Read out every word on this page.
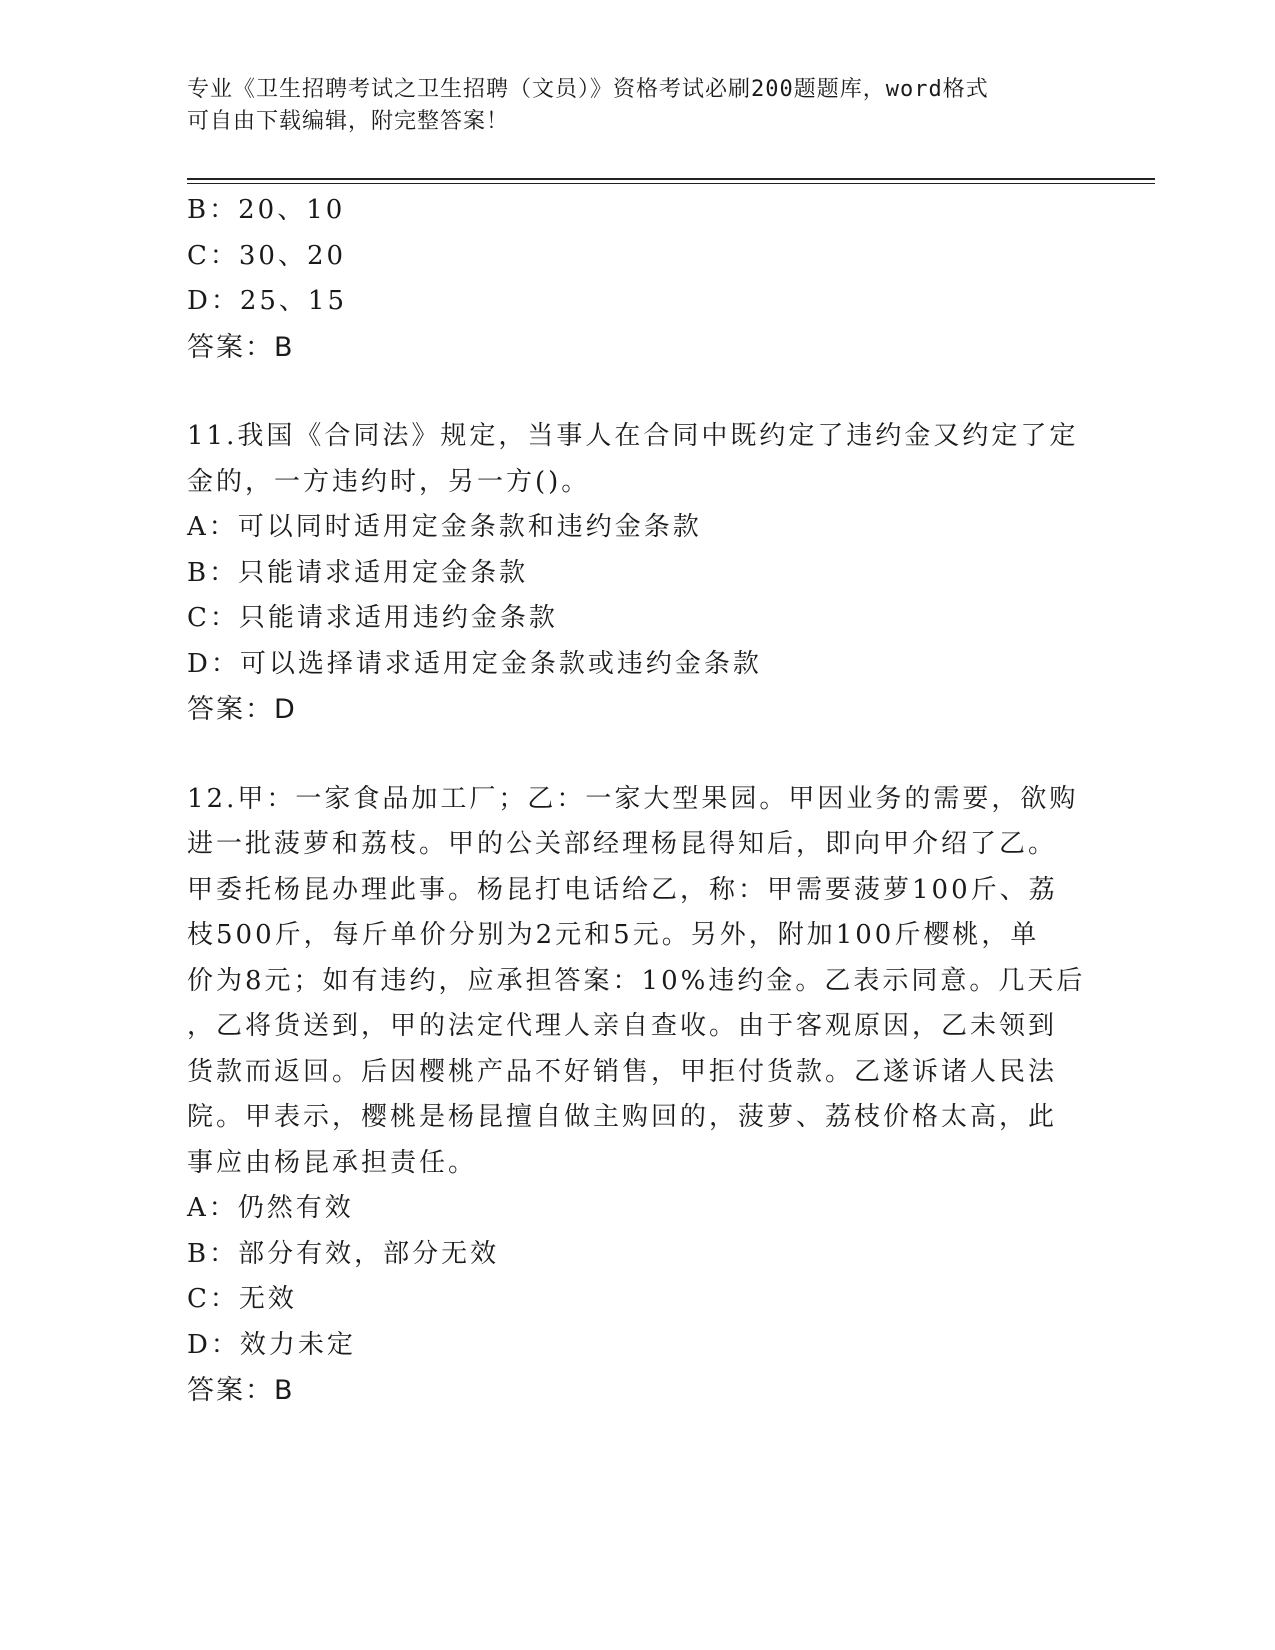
专业《卫生招聘考试之卫生招聘（文员）》资格考试必刷200题题库，word格式
可自由下载编辑，附完整答案！
B：20、10
C：30、20
D：25、15
答案：B
11.我国《合同法》规定，当事人在合同中既约定了违约金又约定了定
金的，一方违约时，另一方()。
A：可以同时适用定金条款和违约金条款
B：只能请求适用定金条款
C：只能请求适用违约金条款
D：可以选择请求适用定金条款或违约金条款
答案：D
12.甲：一家食品加工厂；乙：一家大型果园。甲因业务的需要，欲购
进一批菠萝和荔枝。甲的公关部经理杨昆得知后，即向甲介绍了乙。
甲委托杨昆办理此事。杨昆打电话给乙，称：甲需要菠萝100斤、荔
枝500斤，每斤单价分别为2元和5元。另外，附加100斤樱桃，单
价为8元；如有违约，应承担答案：10%违约金。乙表示同意。几天后
，乙将货送到，甲的法定代理人亲自查收。由于客观原因，乙未领到
货款而返回。后因樱桃产品不好销售，甲拒付货款。乙遂诉诸人民法
院。甲表示，樱桃是杨昆擅自做主购回的，菠萝、荔枝价格太高，此
事应由杨昆承担责任。
A：仍然有效
B：部分有效，部分无效
C：无效
D：效力未定
答案：B
